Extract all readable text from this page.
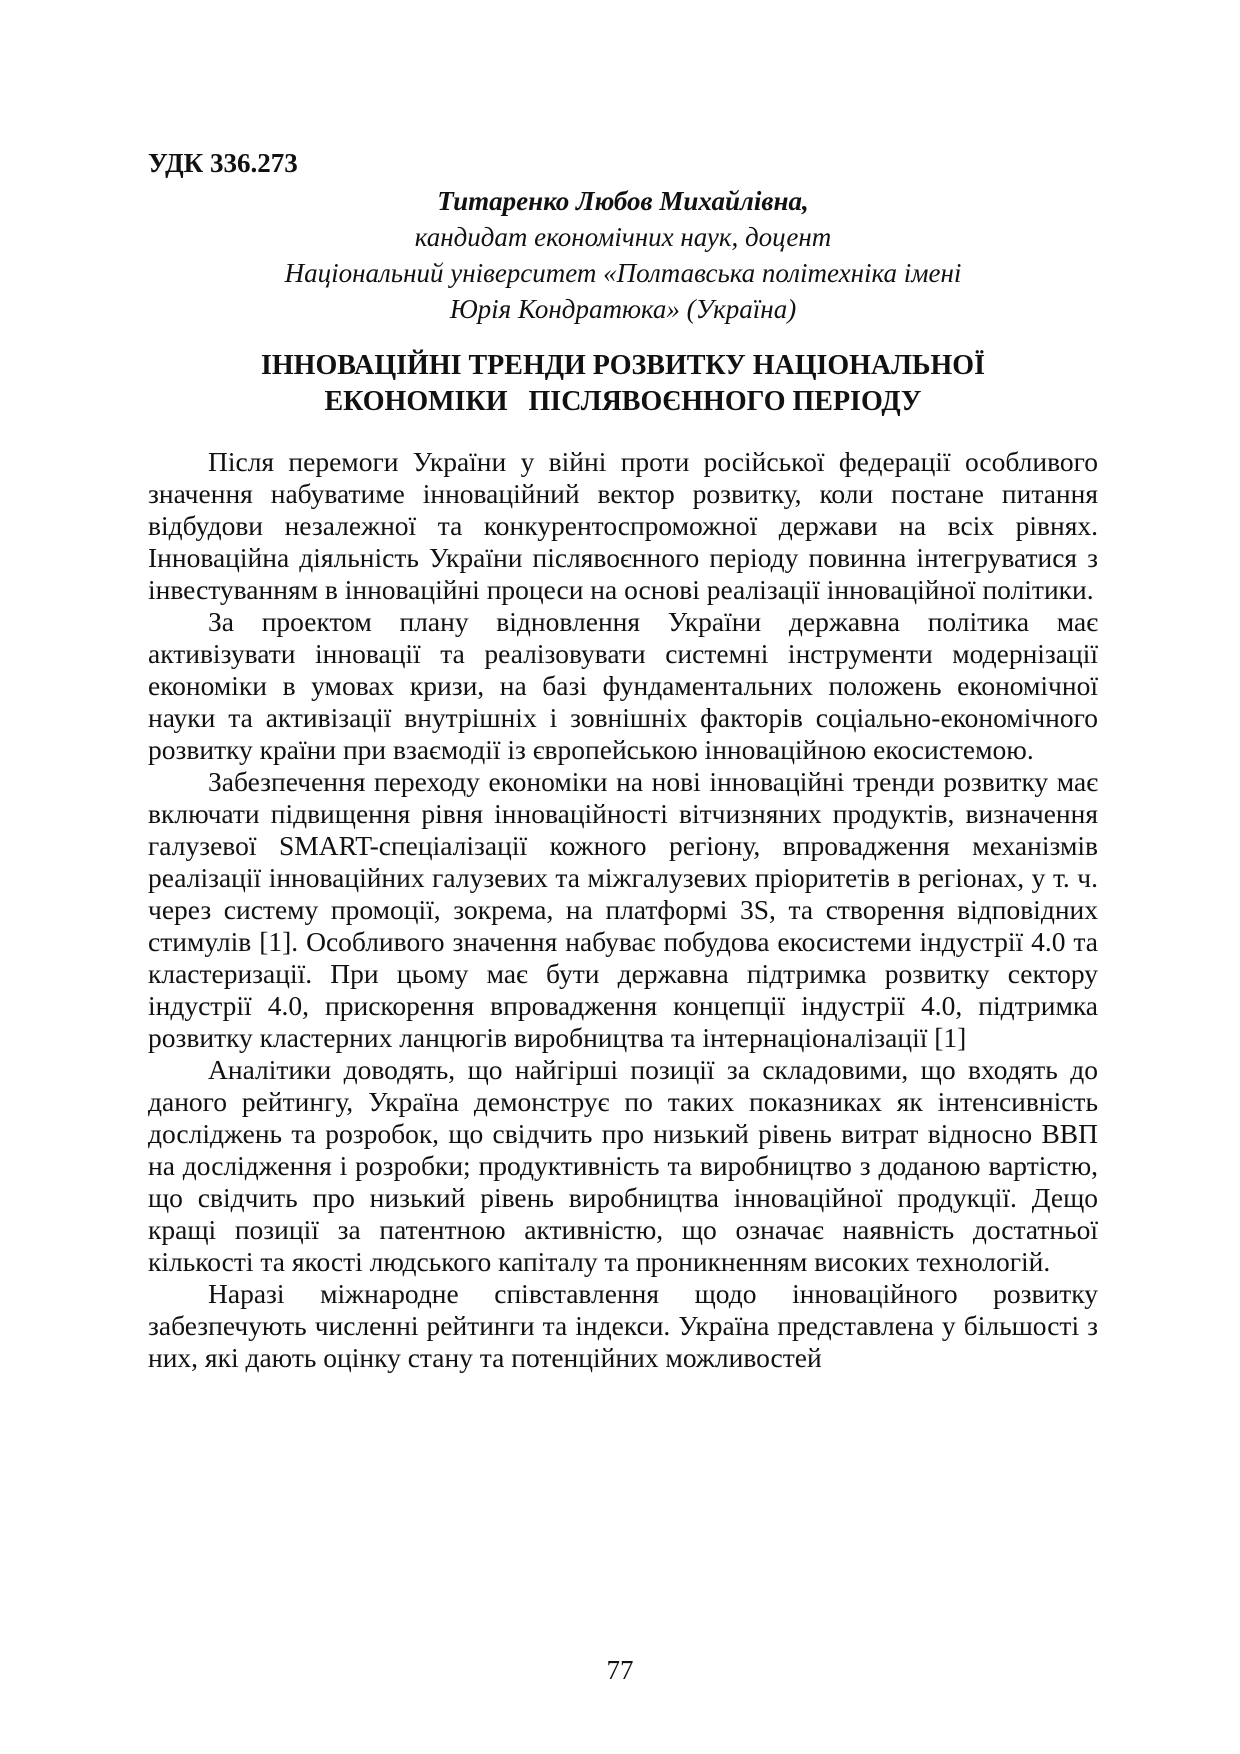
УДК 336.273
Титаренко Любов Михайлівна,
кандидат економічних наук, доцент
Національний університет «Полтавська політехніка імені
Юрія Кондратюка» (Україна)
ІННОВАЦІЙНІ ТРЕНДИ РОЗВИТКУ НАЦІОНАЛЬНОЇ
ЕКОНОМІКИ   ПІСЛЯВОЄННОГО ПЕРІОДУ

Після перемоги України у війні проти російської федерації особливого значення набуватиме інноваційний вектор розвитку, коли постане питання відбудови незалежної та конкурентоспроможної держави на всіх рівнях. Інноваційна діяльність України післявоєнного періоду повинна інтегруватися з інвестуванням в інноваційні процеси на основі реалізації інноваційної політики.

За проектом плану відновлення України державна політика має активізувати інновації та реалізовувати системні інструменти модернізації економіки в умовах кризи, на базі фундаментальних положень економічної науки та активізації внутрішніх і зовнішніх факторів соціально-економічного розвитку країни при взаємодії із європейською інноваційною екосистемою.

Забезпечення переходу економіки на нові інноваційні тренди розвитку має включати підвищення рівня інноваційності вітчизняних продуктів, визначення галузевої SMART-спеціалізації кожного регіону, впровадження механізмів реалізації інноваційних галузевих та міжгалузевих пріоритетів в регіонах, у т. ч. через систему промоції, зокрема, на платформі 3S, та створення відповідних стимулів [1]. Особливого значення набуває побудова екосистеми індустрії 4.0 та кластеризації. При цьому має бути державна підтримка розвитку сектору індустрії 4.0, прискорення впровадження концепції індустрії 4.0, підтримка розвитку кластерних ланцюгів виробництва та інтернаціоналізації [1]

Аналітики доводять, що найгірші позиції за складовими, що входять до даного рейтингу, Україна демонструє по таких показниках як інтенсивність досліджень та розробок, що свідчить про низький рівень витрат відносно ВВП на дослідження і розробки; продуктивність та виробництво з доданою вартістю, що свідчить про низький рівень виробництва інноваційної продукції. Дещо кращі позиції за патентною активністю, що означає наявність достатньої кількості та якості людського капіталу та проникненням високих технологій.

Наразі міжнародне співставлення щодо інноваційного розвитку забезпечують численні рейтинги та індекси. Україна представлена у більшості з них, які дають оцінку стану та потенційних можливостей

77
